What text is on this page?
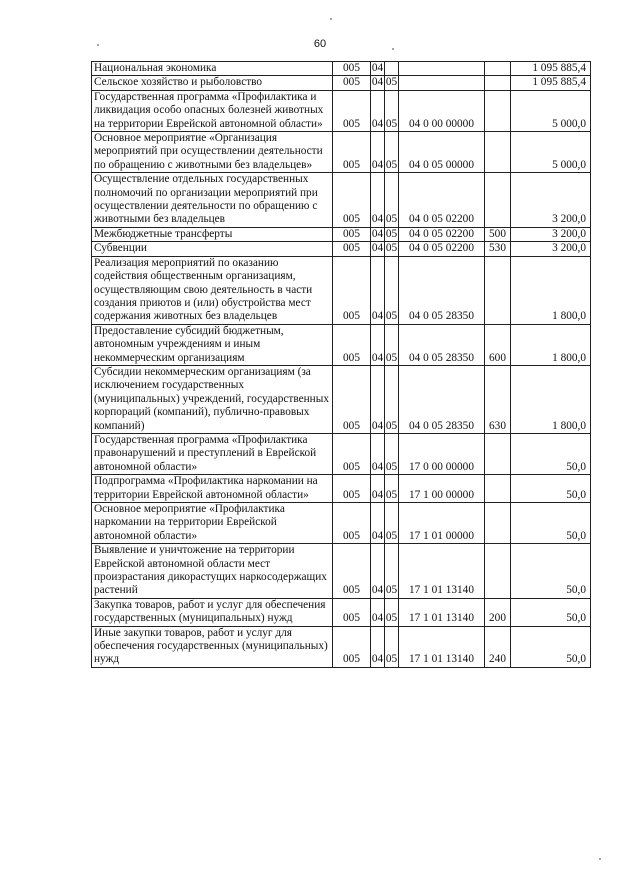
60
Национальная экономика	005	04				1 095 885,4
Сельское хозяйство и рыболовство	005	04	05			1 095 885,4
Государственная программа «Профилактика и ликвидация особо опасных болезней животных на территории Еврейской автономной области»	005	04	05	04 0 00 00000		5 000,0
Основное мероприятие «Организация мероприятий при осуществлении деятельности по обращению с животными без владельцев»	005	04	05	04 0 05 00000		5 000,0
Осуществление отдельных государственных полномочий по организации мероприятий при осуществлении деятельности по обращению с животными без владельцев	005	04	05	04 0 05 02200		3 200,0
Межбюджетные трансферты	005	04	05	04 0 05 02200	500	3 200,0
Субвенции	005	04	05	04 0 05 02200	530	3 200,0
Реализация мероприятий по оказанию содействия общественным организациям, осуществляющим свою деятельность в части создания приютов и (или) обустройства мест содержания животных без владельцев	005	04	05	04 0 05 28350		1 800,0
Предоставление субсидий бюджетным, автономным учреждениям и иным некоммерческим организациям	005	04	05	04 0 05 28350	600	1 800,0
Субсидии некоммерческим организациям (за исключением государственных (муниципальных) учреждений, государственных корпораций (компаний), публично-правовых компаний)	005	04	05	04 0 05 28350	630	1 800,0
Государственная программа «Профилактика правонарушений и преступлений в Еврейской автономной области»	005	04	05	17 0 00 00000		50,0
Подпрограмма «Профилактика наркомании на территории Еврейской автономной области»	005	04	05	17 1 00 00000		50,0
Основное мероприятие «Профилактика наркомании на территории Еврейской автономной области»	005	04	05	17 1 01 00000		50,0
Выявление и уничтожение на территории Еврейской автономной области мест произрастания дикорастущих наркосодержащих растений	005	04	05	17 1 01 13140		50,0
Закупка товаров, работ и услуг для обеспечения государственных (муниципальных) нужд	005	04	05	17 1 01 13140	200	50,0
Иные закупки товаров, работ и услуг для обеспечения государственных (муниципальных) нужд	005	04	05	17 1 01 13140	240	50,0
